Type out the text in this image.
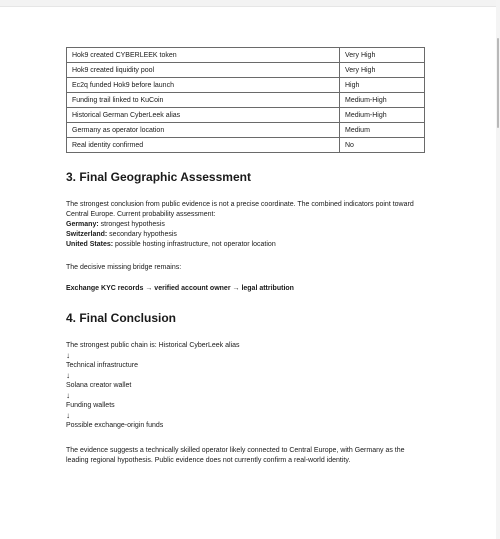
Hok9 created CYBERLEEK token	Very High
Hok9 created liquidity pool	Very High
Ec2q funded Hok9 before launch	High
Funding trail linked to KuCoin	Medium-High
Historical German CyberLeek alias	Medium-High
Germany as operator location	Medium
Real identity confirmed	No
3. Final Geographic Assessment

The strongest conclusion from public evidence is not a precise coordinate. The combined indicators point toward

Central Europe. Current probability assessment:

Germany: strongest hypothesis

Switzerland: secondary hypothesis

United States: possible hosting infrastructure, not operator location

The decisive missing bridge remains:

Exchange KYC records → verified account owner → legal attribution

4. Final Conclusion

The strongest public chain is: Historical CyberLeek alias

↓

Technical infrastructure

↓

Solana creator wallet

↓

Funding wallets

↓

Possible exchange-origin funds

The evidence suggests a technically skilled operator likely connected to Central Europe, with Germany as the

leading regional hypothesis. Public evidence does not currently confirm a real-world identity.
